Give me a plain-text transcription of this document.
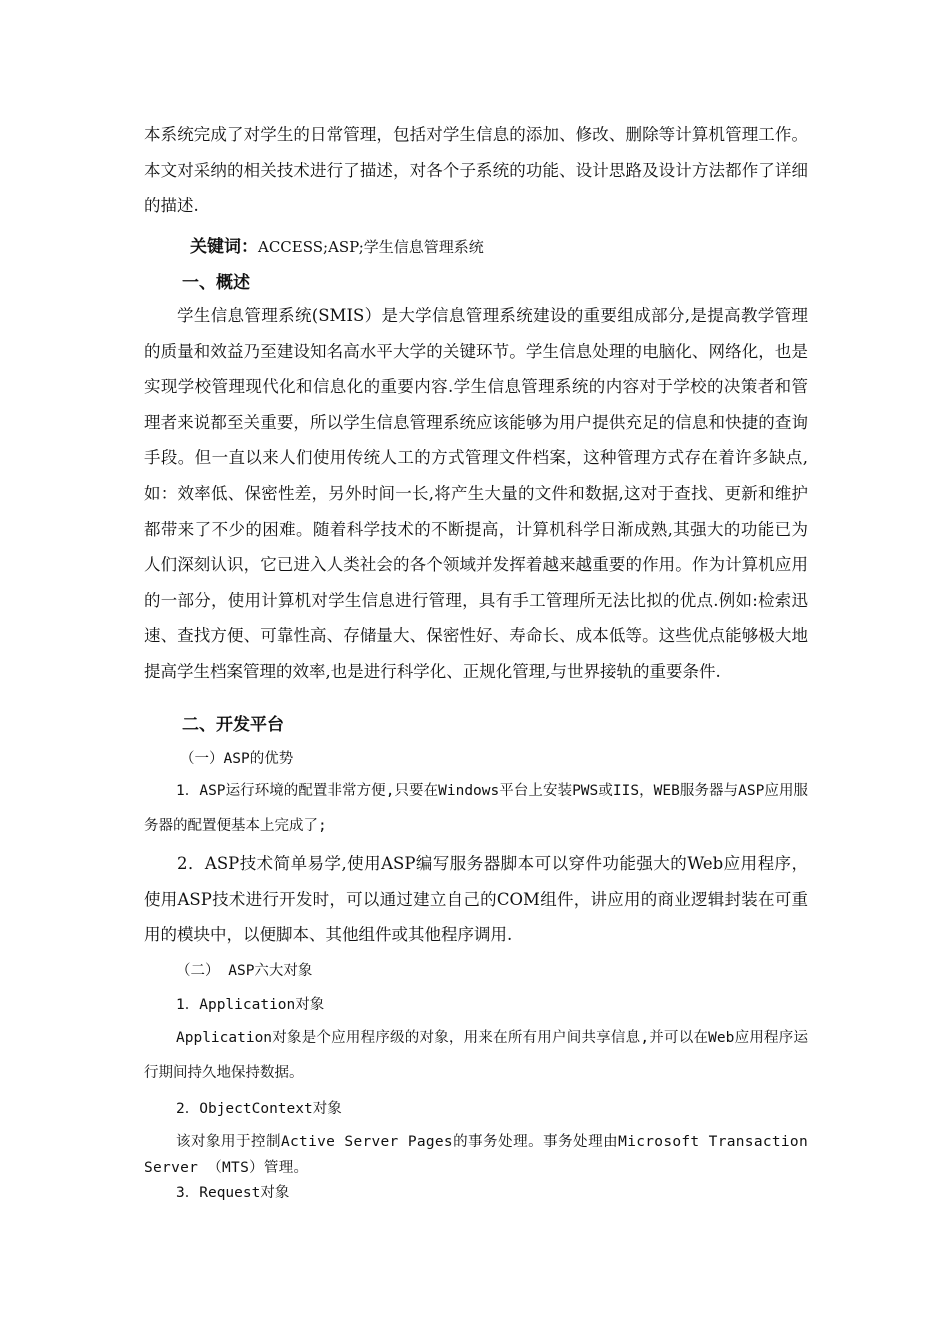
本系统完成了对学生的日常管理，包括对学生信息的添加、修改、删除等计算机管理工作。本文对采纳的相关技术进行了描述，对各个子系统的功能、设计思路及设计方法都作了详细的描述.
关键词：ACCESS;ASP;学生信息管理系统
一、概述
学生信息管理系统(SMIS）是大学信息管理系统建设的重要组成部分,是提高教学管理的质量和效益乃至建设知名高水平大学的关键环节。学生信息处理的电脑化、网络化，也是实现学校管理现代化和信息化的重要内容.学生信息管理系统的内容对于学校的决策者和管理者来说都至关重要，所以学生信息管理系统应该能够为用户提供充足的信息和快捷的查询手段。但一直以来人们使用传统人工的方式管理文件档案，这种管理方式存在着许多缺点,如：效率低、保密性差，另外时间一长,将产生大量的文件和数据,这对于查找、更新和维护都带来了不少的困难。随着科学技术的不断提高，计算机科学日渐成熟,其强大的功能已为人们深刻认识，它已进入人类社会的各个领域并发挥着越来越重要的作用。作为计算机应用的一部分，使用计算机对学生信息进行管理，具有手工管理所无法比拟的优点.例如:检索迅速、查找方便、可靠性高、存储量大、保密性好、寿命长、成本低等。这些优点能够极大地提高学生档案管理的效率,也是进行科学化、正规化管理,与世界接轨的重要条件.
二、开发平台
（一）ASP的优势
1．ASP运行环境的配置非常方便,只要在Windows平台上安装PWS或IIS，WEB服务器与ASP应用服务器的配置便基本上完成了;
2．ASP技术简单易学,使用ASP编写服务器脚本可以穿件功能强大的Web应用程序，使用ASP技术进行开发时，可以通过建立自己的COM组件，讲应用的商业逻辑封装在可重用的模块中，以便脚本、其他组件或其他程序调用.
（二） ASP六大对象
1．Application对象
Application对象是个应用程序级的对象，用来在所有用户间共享信息,并可以在Web应用程序运行期间持久地保持数据。
2．ObjectContext对象
该对象用于控制Active Server Pages的事务处理。事务处理由Microsoft Transaction Server （MTS）管理。
3．Request对象
